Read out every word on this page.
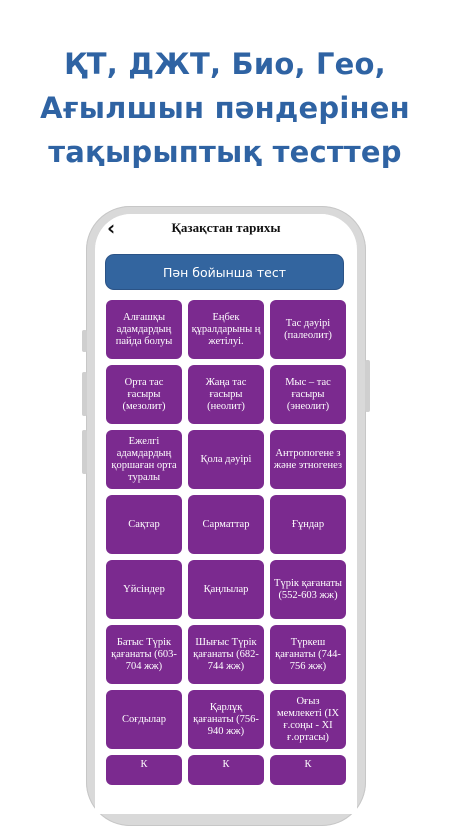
ҚТ, ДЖТ, Био, Гео,
Ағылшын пәндерінен
тақырыптық тесттер
‹	Қазақстан тарихы
Пән бойынша тест
Алғашқы адамдардың пайда болуы
Еңбек құралдарыны ң жетілуі.
Тас дәуірі (палеолит)
Орта тас ғасыры (мезолит)
Жаңа тас ғасыры (неолит)
Мыс – тас ғасыры (энеолит)
Ежелгі адамдардың қоршаған орта туралы
Қола дәуірі
Антропогене з және этногенез
Сақтар	Сарматтар	Ғұндар
Үйсіндер	Қаңлылар
Түрік қағанаты (552-603 жж)
Батыс Түрік қағанаты (603-704 жж)
Шығыс Түрік қағанаты (682-744 жж)
Түркеш қағанаты (744-756 жж)
Соғдылар
Қарлұқ қағанаты (756-940 жж)
Оғыз мемлекеті (IX ғ.соңы - XI ғ.ортасы)
К	К	К
